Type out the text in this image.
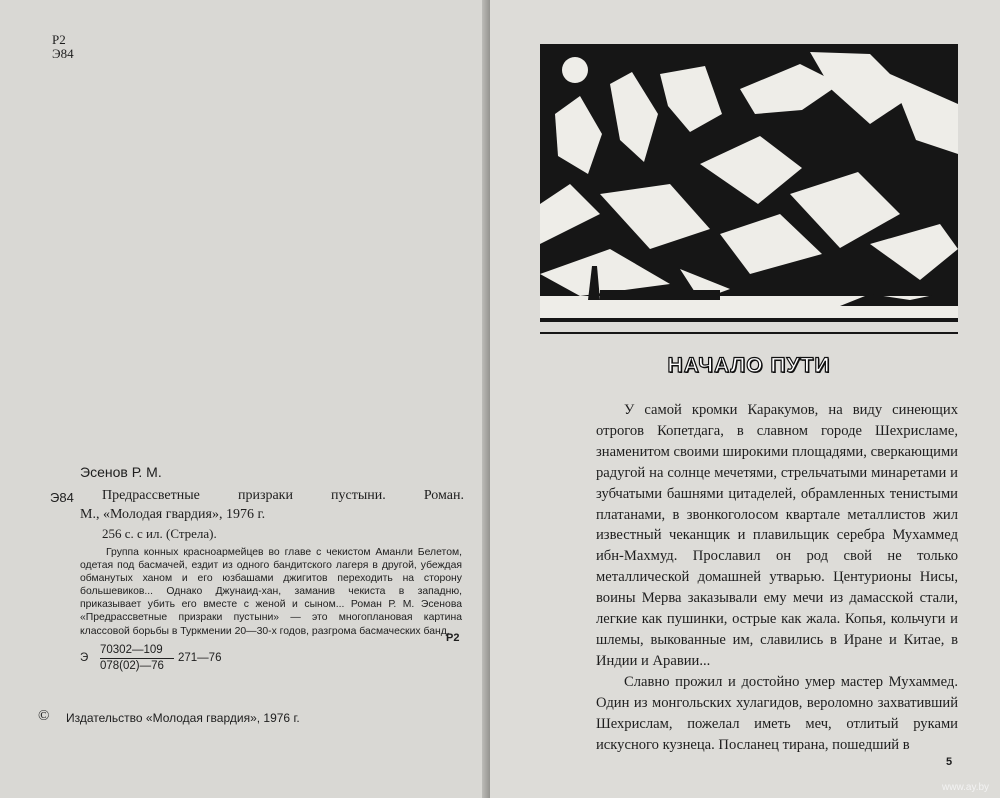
Р2
Э84
Эсенов Р. М.
Э84 Предрассветные призраки пустыни. Роман.
М., «Молодая гвардия», 1976 г.
256 с. с ил. (Стрела).
Группа конных красноармейцев во главе с чекистом Аманли Белетом, одетая под басмачей, ездит из одного бандитского лагеря в другой, убеждая обманутых ханом и его юзбашами джигитов переходить на сторону большевиков... Однако Джунаид-хан, заманив чекиста в западню, приказывает убить его вместе с женой и сыном... Роман Р. М. Эсенова «Предрассветные призраки пустыни» — это многоплановая картина классовой борьбы в Туркмении 20—30-х годов, разгрома басмаческих банд.
Р2
Э
70302—109
078(02)—76
271—76
© Издательство «Молодая гвардия», 1976 г.
НАЧАЛО ПУТИ

У самой кромки Каракумов, на виду синеющих отрогов Копетдага, в славном городе Шехрисламе, знаменитом своими широкими площадями, сверкающими радугой на солнце мечетями, стрельчатыми минаретами и зубчатыми башнями цитаделей, обрамленных тенистыми платанами, в звонкоголосом квартале металлистов жил известный чеканщик и плавильщик серебра Мухаммед ибн-Махмуд. Прославил он род свой не только металлической домашней утварью. Центурионы Нисы, воины Мерва заказывали ему мечи из дамасской стали, легкие как пушинки, острые как жала. Копья, кольчуги и шлемы, выкованные им, славились в Иране и Китае, в Индии и Аравии...

Славно прожил и достойно умер мастер Мухаммед. Один из монгольских хулагидов, вероломно захвативший Шехрислам, пожелал иметь меч, отлитый руками искусного кузнеца. Посланец тирана, пошедший в

5
www.ay.by
